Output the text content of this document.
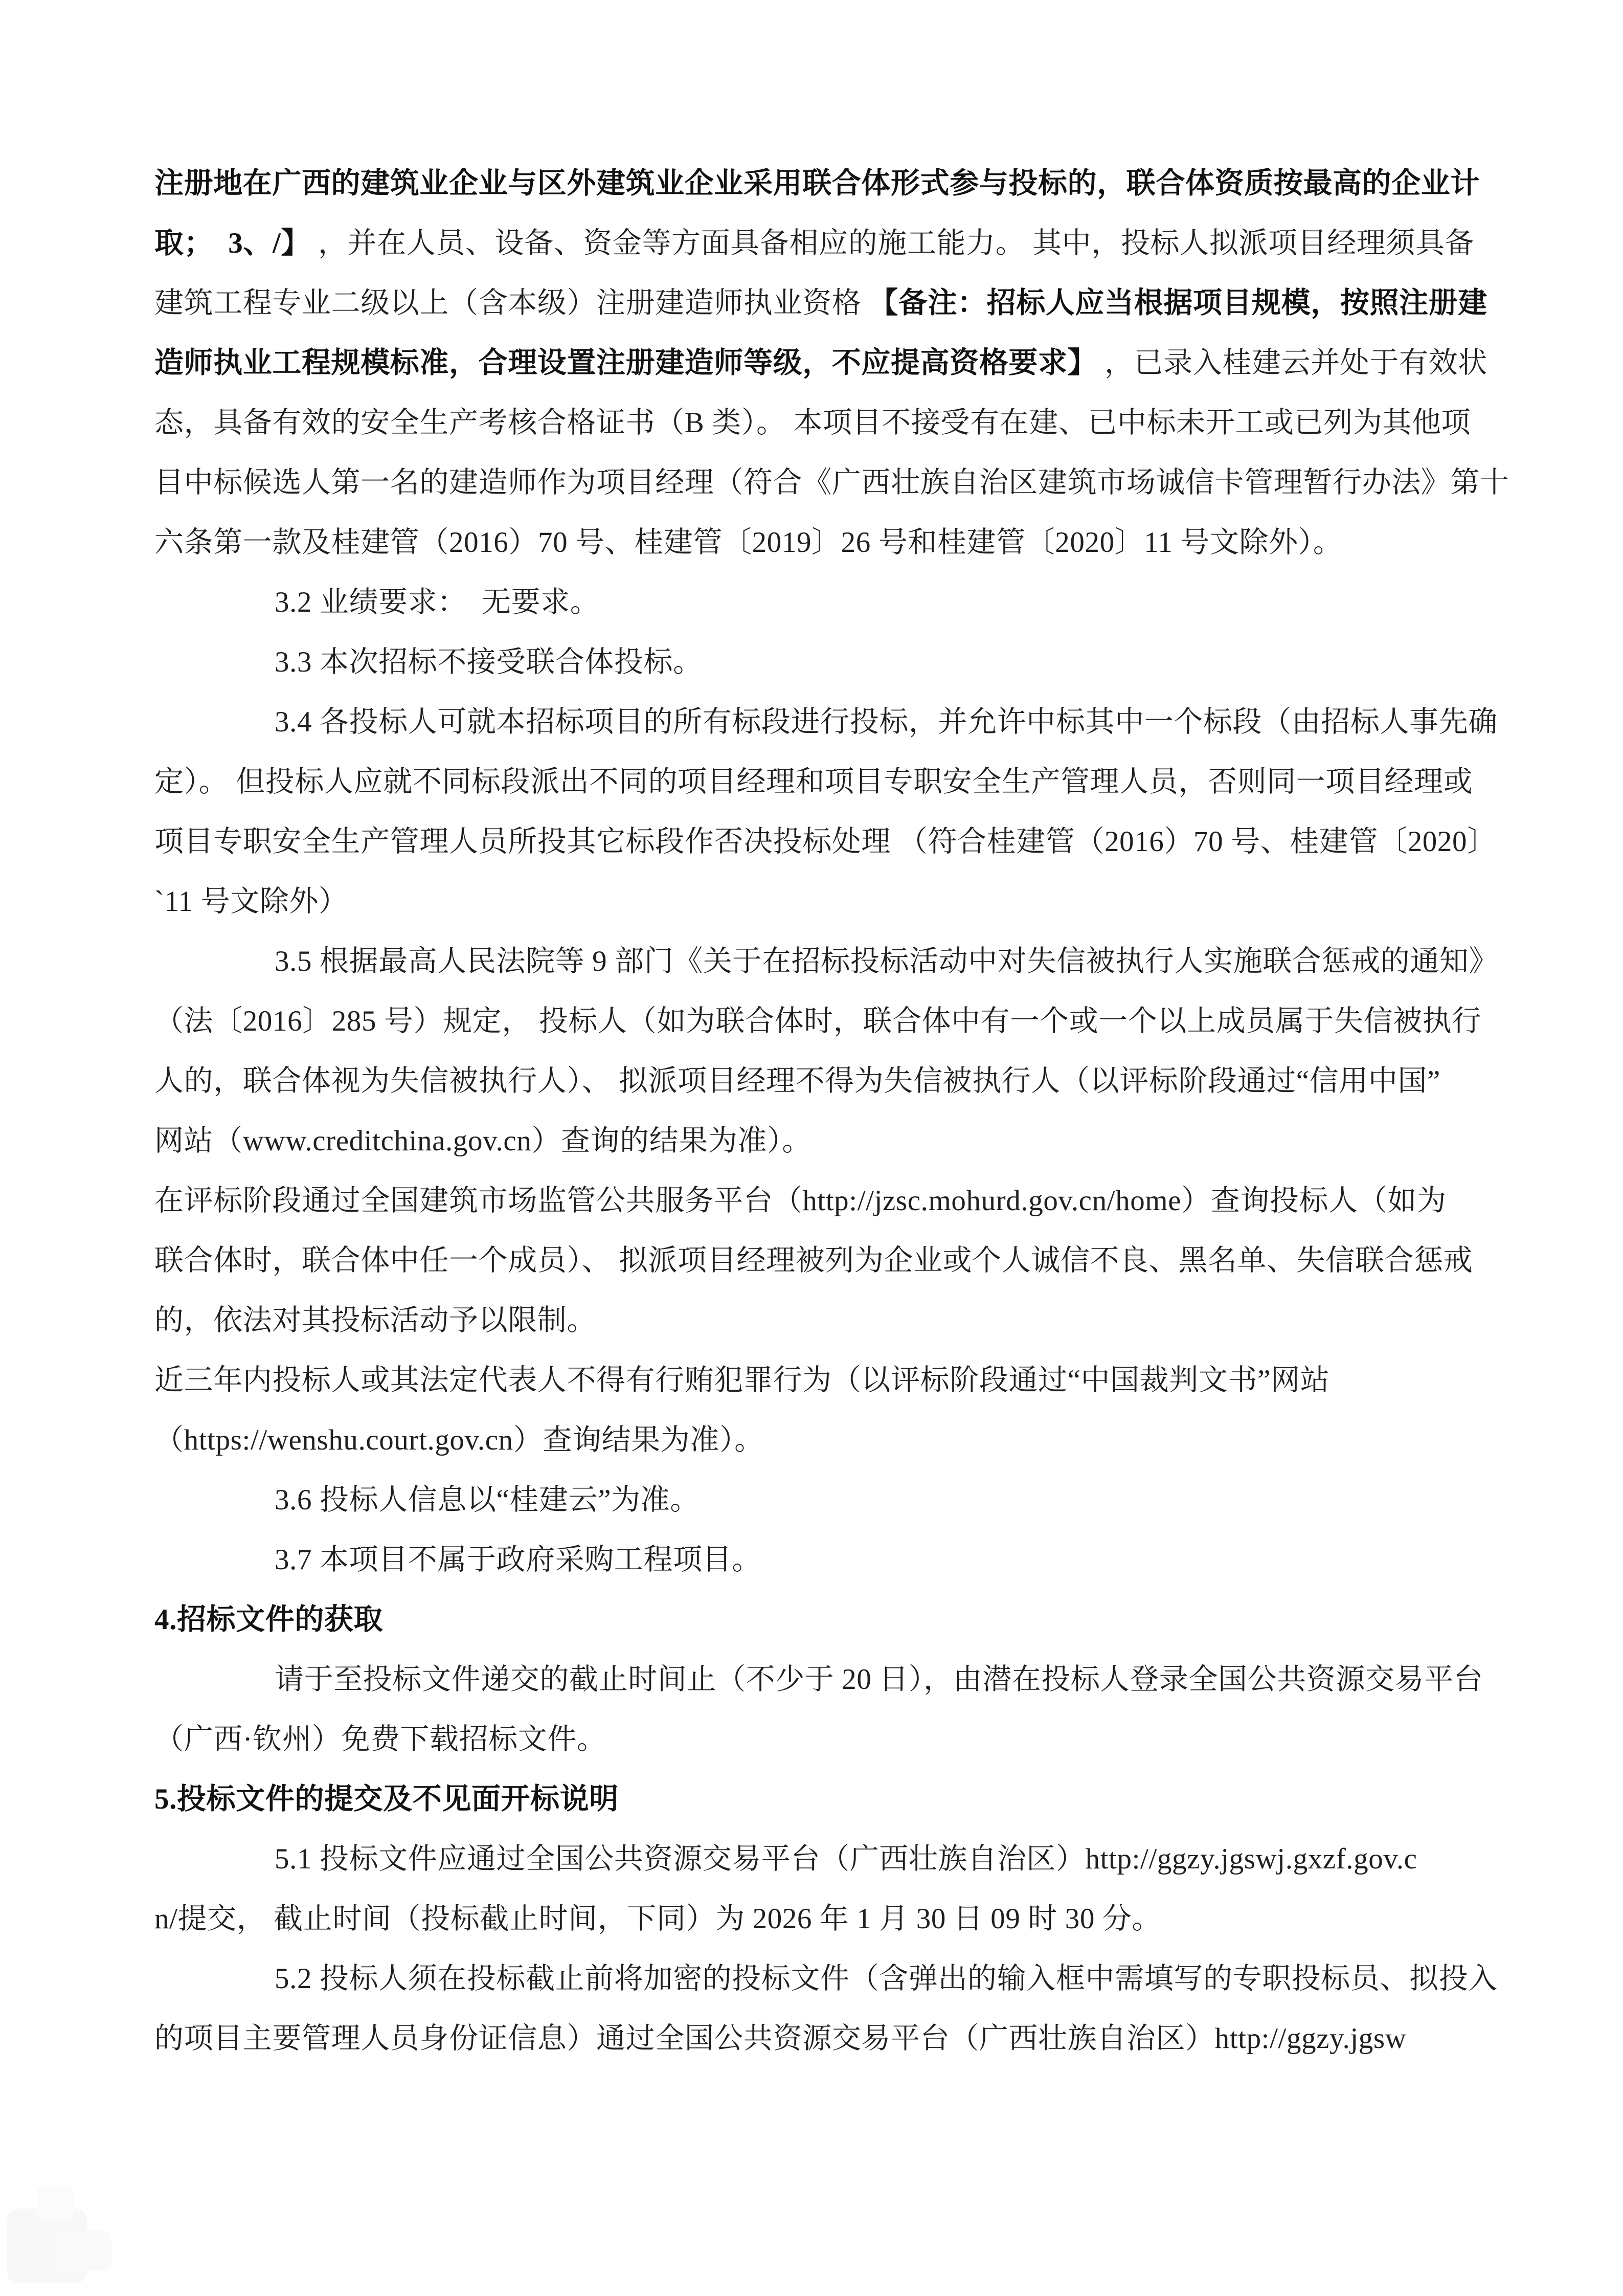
注册地在广西的建筑业企业与区外建筑业企业采用联合体形式参与投标的，联合体资质按最高的企业计
取；　3、/】 ，并在人员、设备、资金等方面具备相应的施工能力。 其中，投标人拟派项目经理须具备
建筑工程专业二级以上（含本级）注册建造师执业资格 【备注：招标人应当根据项目规模，按照注册建
造师执业工程规模标准，合理设置注册建造师等级，不应提高资格要求】 ，已录入桂建云并处于有效状
态，具备有效的安全生产考核合格证书（B 类）。 本项目不接受有在建、已中标未开工或已列为其他项
目中标候选人第一名的建造师作为项目经理（符合《广西壮族自治区建筑市场诚信卡管理暂行办法》第十
六条第一款及桂建管（2016）70 号、桂建管〔2019〕26 号和桂建管〔2020〕11 号文除外）。
3.2 业绩要求：　无要求。
3.3 本次招标不接受联合体投标。
3.4 各投标人可就本招标项目的所有标段进行投标，并允许中标其中一个标段（由招标人事先确
定）。 但投标人应就不同标段派出不同的项目经理和项目专职安全生产管理人员，否则同一项目经理或
项目专职安全生产管理人员所投其它标段作否决投标处理 （符合桂建管（2016）70 号、桂建管〔2020〕
`11 号文除外）
3.5 根据最高人民法院等 9 部门《关于在招标投标活动中对失信被执行人实施联合惩戒的通知》
（法〔2016〕285 号）规定， 投标人（如为联合体时，联合体中有一个或一个以上成员属于失信被执行
人的，联合体视为失信被执行人）、 拟派项目经理不得为失信被执行人（以评标阶段通过“信用中国”
网站（www.creditchina.gov.cn）查询的结果为准）。
在评标阶段通过全国建筑市场监管公共服务平台（http://jzsc.mohurd.gov.cn/home）查询投标人（如为
联合体时，联合体中任一个成员）、 拟派项目经理被列为企业或个人诚信不良、黑名单、失信联合惩戒
的，依法对其投标活动予以限制。
近三年内投标人或其法定代表人不得有行贿犯罪行为（以评标阶段通过“中国裁判文书”网站
（https://wenshu.court.gov.cn）查询结果为准）。
3.6 投标人信息以“桂建云”为准。
3.7 本项目不属于政府采购工程项目。
4.招标文件的获取
请于至投标文件递交的截止时间止（不少于 20 日），由潜在投标人登录全国公共资源交易平台
（广西·钦州）免费下载招标文件。
5.投标文件的提交及不见面开标说明
5.1 投标文件应通过全国公共资源交易平台（广西壮族自治区）http://ggzy.jgswj.gxzf.gov.c
n/提交， 截止时间（投标截止时间，下同）为 2026 年 1 月 30 日 09 时 30 分。
5.2 投标人须在投标截止前将加密的投标文件（含弹出的输入框中需填写的专职投标员、拟投入
的项目主要管理人员身份证信息）通过全国公共资源交易平台（广西壮族自治区）http://ggzy.jgsw
